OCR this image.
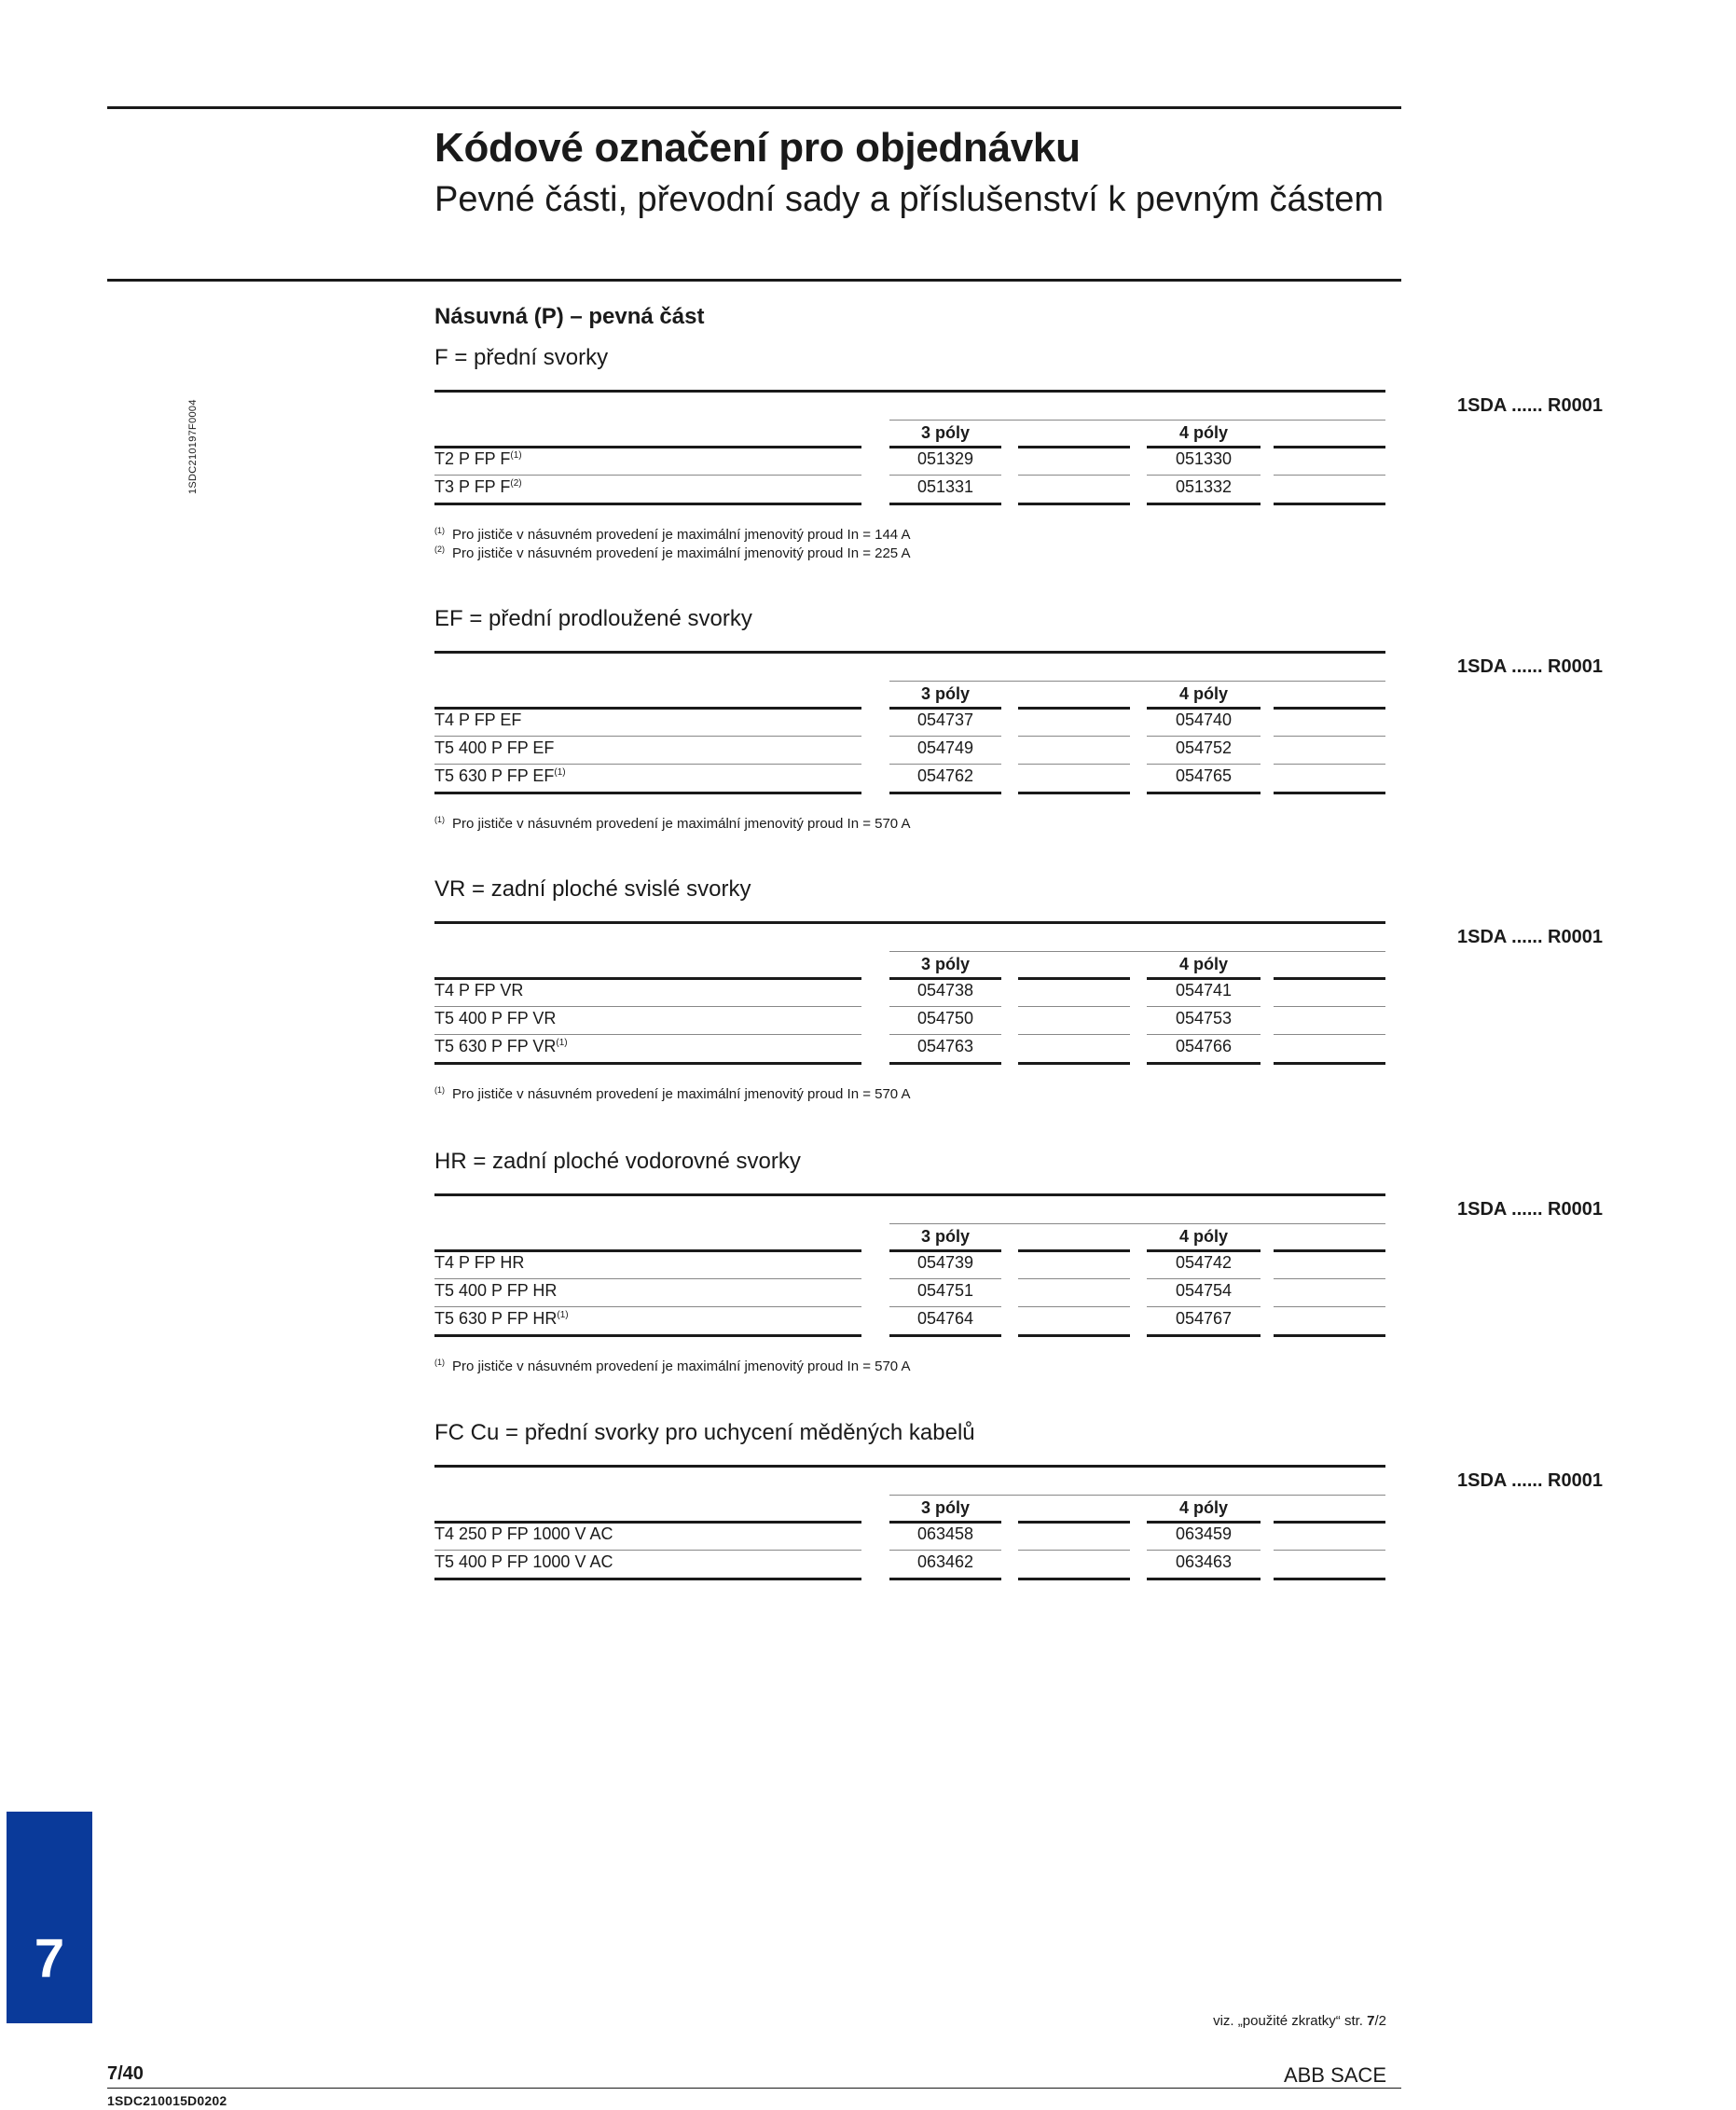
Kódové označení pro objednávku
Pevné části, převodní sady a příslušenství k pevným částem
1SDC210197F0004
Násuvná (P) – pevná část
F = přední svorky
1SDA ...... R0001
3 póly	4 póly
T2 P FP $F^{(1)}$	051329	051330
T3 P FP $F^{(2)}$	051331	051332
$^{(1)}$ Pro jističe v násuvném provedení je maximální jmenovitý proud In = 144 A
$^{(2)}$ Pro jističe v násuvném provedení je maximální jmenovitý proud In = 225 A
EF = přední prodloužené svorky
1SDA ...... R0001
3 póly	4 póly
T4 P FP EF	054737	054740
T5 400 P FP EF	054749	054752
T5 630 P FP EF$^{(1)}$	054762	054765
$^{(1)}$ Pro jističe v násuvném provedení je maximální jmenovitý proud In = 570 A
VR = zadní ploché svislé svorky
1SDA ...... R0001
3 póly	4 póly
T4 P FP VR	054738	054741
T5 400 P FP VR	054750	054753
T5 630 P FP VR$^{(1)}$	054763	054766
$^{(1)}$ Pro jističe v násuvném provedení je maximální jmenovitý proud In = 570 A
HR = zadní ploché vodorovné svorky
1SDA ...... R0001
3 póly	4 póly
T4 P FP HR	054739	054742
T5 400 P FP HR	054751	054754
T5 630 P FP HR$^{(1)}$	054764	054767
$^{(1)}$ Pro jističe v násuvném provedení je maximální jmenovitý proud In = 570 A
FC Cu = přední svorky pro uchycení měděných kabelů
1SDA ...... R0001
3 póly	4 póly
T4 250 P FP 1000 V AC	063458	063459
T5 400 P FP 1000 V AC	063462	063463
7
viz. „použité zkratky“ str. 7/2
7/40	ABB SACE
1SDC210015D0202
